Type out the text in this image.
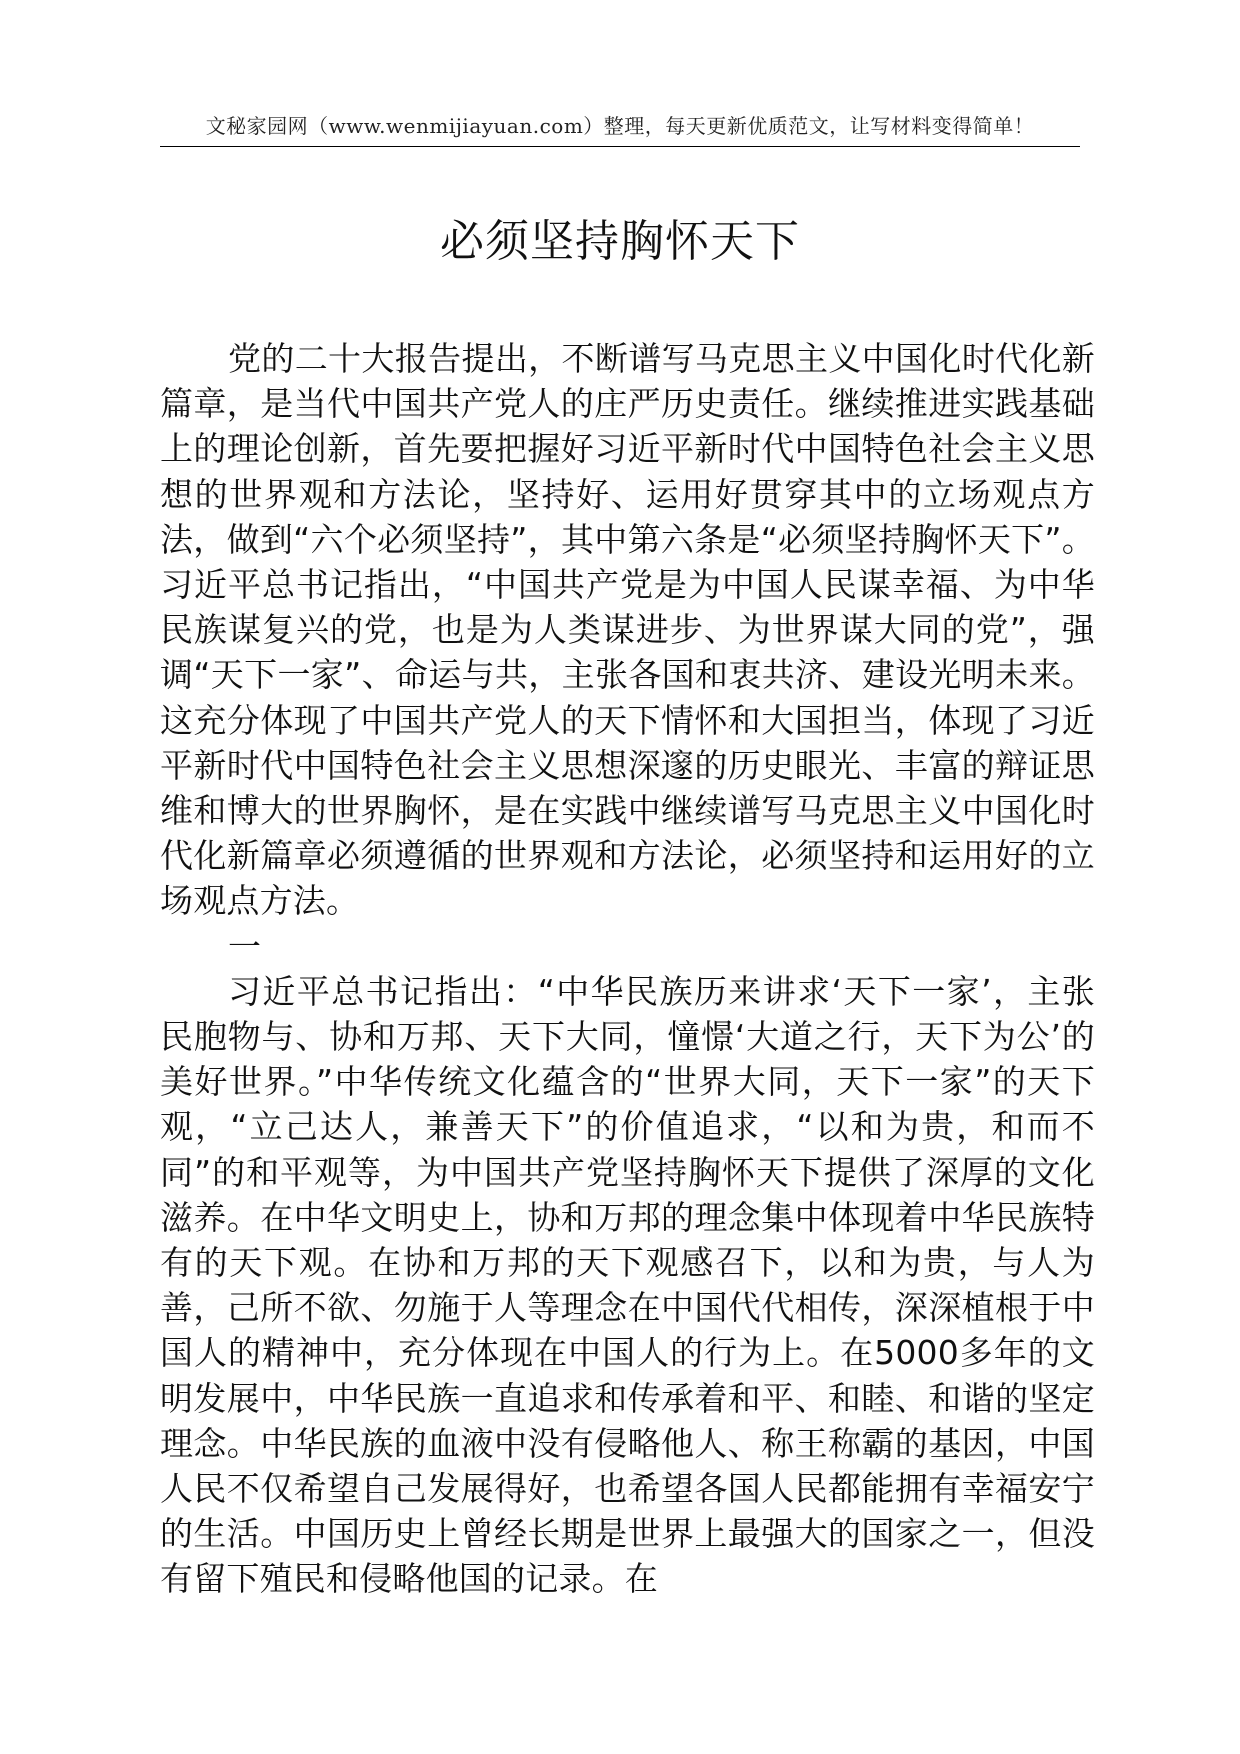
文秘家园网（www.wenmijiayuan.com）整理，每天更新优质范文，让写材料变得简单！
必须坚持胸怀天下

党的二十大报告提出，不断谱写马克思主义中国化时代化新篇章，是当代中国共产党人的庄严历史责任。继续推进实践基础上的理论创新，首先要把握好习近平新时代中国特色社会主义思想的世界观和方法论，坚持好、运用好贯穿其中的立场观点方法，做到“六个必须坚持”，其中第六条是“必须坚持胸怀天下”。习近平总书记指出，“中国共产党是为中国人民谋幸福、为中华民族谋复兴的党，也是为人类谋进步、为世界谋大同的党”，强调“天下一家”、命运与共，主张各国和衷共济、建设光明未来。这充分体现了中国共产党人的天下情怀和大国担当，体现了习近平新时代中国特色社会主义思想深邃的历史眼光、丰富的辩证思维和博大的世界胸怀，是在实践中继续谱写马克思主义中国化时代化新篇章必须遵循的世界观和方法论，必须坚持和运用好的立场观点方法。

一

习近平总书记指出：“中华民族历来讲求‘天下一家’，主张民胞物与、协和万邦、天下大同，憧憬‘大道之行，天下为公’的美好世界。”中华传统文化蕴含的“世界大同，天下一家”的天下观，“立己达人，兼善天下”的价值追求，“以和为贵，和而不同”的和平观等，为中国共产党坚持胸怀天下提供了深厚的文化滋养。在中华文明史上，协和万邦的理念集中体现着中华民族特有的天下观。在协和万邦的天下观感召下，以和为贵，与人为善，己所不欲、勿施于人等理念在中国代代相传，深深植根于中国人的精神中，充分体现在中国人的行为上。在5000多年的文明发展中，中华民族一直追求和传承着和平、和睦、和谐的坚定理念。中华民族的血液中没有侵略他人、称王称霸的基因，中国人民不仅希望自己发展得好，也希望各国人民都能拥有幸福安宁的生活。中国历史上曾经长期是世界上最强大的国家之一，但没有留下殖民和侵略他国的记录。在
